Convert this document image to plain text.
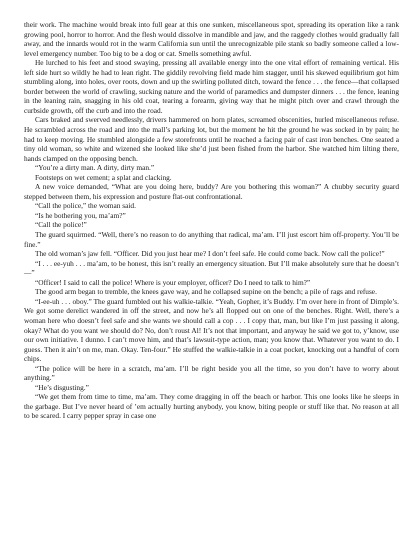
their work. The machine would break into full gear at this one sunken, miscellaneous spot, spreading its operation like a rank growing pool, horror to horror. And the flesh would dissolve in mandible and jaw, and the raggedy clothes would gradually fall away, and the innards would rot in the warm California sun until the unrecognizable pile stank so badly someone called a low-level emergency number. Too big to be a dog or cat. Smells something awful.

He lurched to his feet and stood swaying, pressing all available energy into the one vital effort of remaining vertical. His left side hurt so wildly he had to lean right. The giddily revolving field made him stagger, until his skewed equilibrium got him stumbling along, into holes, over roots, down and up the swirling polluted ditch, toward the fence . . . the fence—that collapsed border between the world of crawling, sucking nature and the world of paramedics and dumpster dinners . . . the fence, leaning in the leaning rain, snagging in his old coat, tearing a forearm, giving way that he might pitch over and crawl through the curbside growth, off the curb and into the road.

Cars braked and swerved needlessly, drivers hammered on horn plates, screamed obscenities, hurled miscellaneous refuse. He scrambled across the road and into the mall’s parking lot, but the moment he hit the ground he was socked in by pain; he had to keep moving. He stumbled alongside a few storefronts until he reached a facing pair of cast iron benches. One seated a tiny old woman, so white and wizened she looked like she’d just been fished from the harbor. She watched him lilting there, hands clamped on the opposing bench.

“You’re a dirty man. A dirty, dirty man.”

Footsteps on wet cement; a splat and clacking.

A new voice demanded, “What are you doing here, buddy? Are you bothering this woman?” A chubby security guard stepped between them, his expression and posture flat-out confrontational.

“Call the police,” the woman said.

“Is he bothering you, ma’am?”

“Call the police!”

The guard squirmed. “Well, there’s no reason to do anything that radical, ma’am. I’ll just escort him off-property. You’ll be fine.”

The old woman’s jaw fell. “Officer. Did you just hear me? I don’t feel safe. He could come back. Now call the police!”

“I . . . ee-yuh . . . ma’am, to be honest, this isn’t really an emergency situation. But I’ll make absolutely sure that he doesn’t—”

“Officer! I said to call the police! Where is your employer, officer? Do I need to talk to him?”

The good arm began to tremble, the knees gave way, and he collapsed supine on the bench; a pile of rags and refuse.

“I-ee-uh . . . oboy.” The guard fumbled out his walkie-talkie. “Yeah, Gopher, it’s Buddy. I’m over here in front of Dimple’s. We got some derelict wandered in off the street, and now he’s all flopped out on one of the benches. Right. Well, there’s a woman here who doesn’t feel safe and she wants we should call a cop . . . I copy that, man, but like I’m just passing it along, okay? What do you want we should do? No, don’t roust Al! It’s not that important, and anyway he said we got to, y’know, use our own initiative. I dunno. I can’t move him, and that’s lawsuit-type action, man; you know that. Whatever you want to do. I guess. Then it ain’t on me, man. Okay. Ten-four.” He stuffed the walkie-talkie in a coat pocket, knocking out a handful of corn chips.

“The police will be here in a scratch, ma’am. I’ll be right beside you all the time, so you don’t have to worry about anything.”

“He’s disgusting.”

“We get them from time to time, ma’am. They come dragging in off the beach or harbor. This one looks like he sleeps in the garbage. But I’ve never heard of ’em actually hurting anybody, you know, biting people or stuff like that. No reason at all to be scared. I carry pepper spray in case one
